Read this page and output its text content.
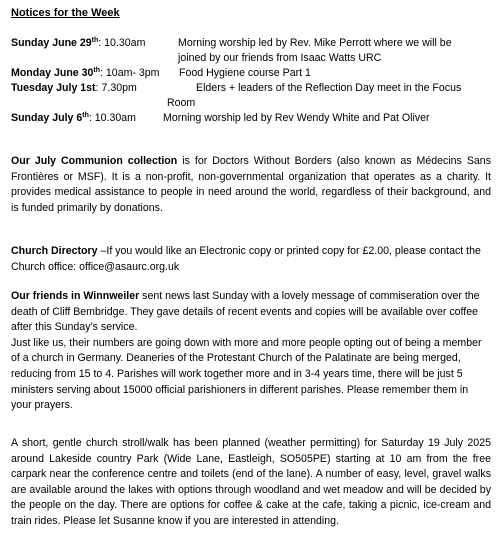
Notices for the Week
Sunday June 29th: 10.30am	Morning worship led by Rev. Mike Perrott where we will be
joined by our friends from Isaac Watts URC
Monday June 30th: 10am- 3pm Food Hygiene course Part 1
Tuesday July 1st: 7.30pm	Elders + leaders of the Reflection Day meet in the Focus
Room
Sunday July 6th: 10.30am	Morning worship led by Rev Wendy White and Pat Oliver
Our July Communion collection is for Doctors Without Borders (also known as Médecins Sans Frontières or MSF). It is a non-profit, non-governmental organization that operates as a charity. It provides medical assistance to people in need around the world, regardless of their background, and is funded primarily by donations.
Church Directory –If you would like an Electronic copy or printed copy for £2.00, please contact the Church office: office@asaurc.org.uk
Our friends in Winnweiler sent news last Sunday with a lovely message of commiseration over the death of Cliff Bembridge. They gave details of recent events and copies will be available over coffee after this Sunday’s service.
Just like us, their numbers are going down with more and more people opting out of being a member of a church in Germany. Deaneries of the Protestant Church of the Palatinate are being merged, reducing from 15 to 4. Parishes will work together more and in 3-4 years time, there will be just 5 ministers serving about 15000 official parishioners in different parishes. Please remember them in your prayers.
A short, gentle church stroll/walk has been planned (weather permitting) for Saturday 19 July 2025 around Lakeside country Park (Wide Lane, Eastleigh, SO505PE) starting at 10 am from the free carpark near the conference centre and toilets (end of the lane). A number of easy, level, gravel walks are available around the lakes with options through woodland and wet meadow and will be decided by the people on the day. There are options for coffee & cake at the cafe, taking a picnic, ice-cream and train rides. Please let Susanne know if you are interested in attending.
